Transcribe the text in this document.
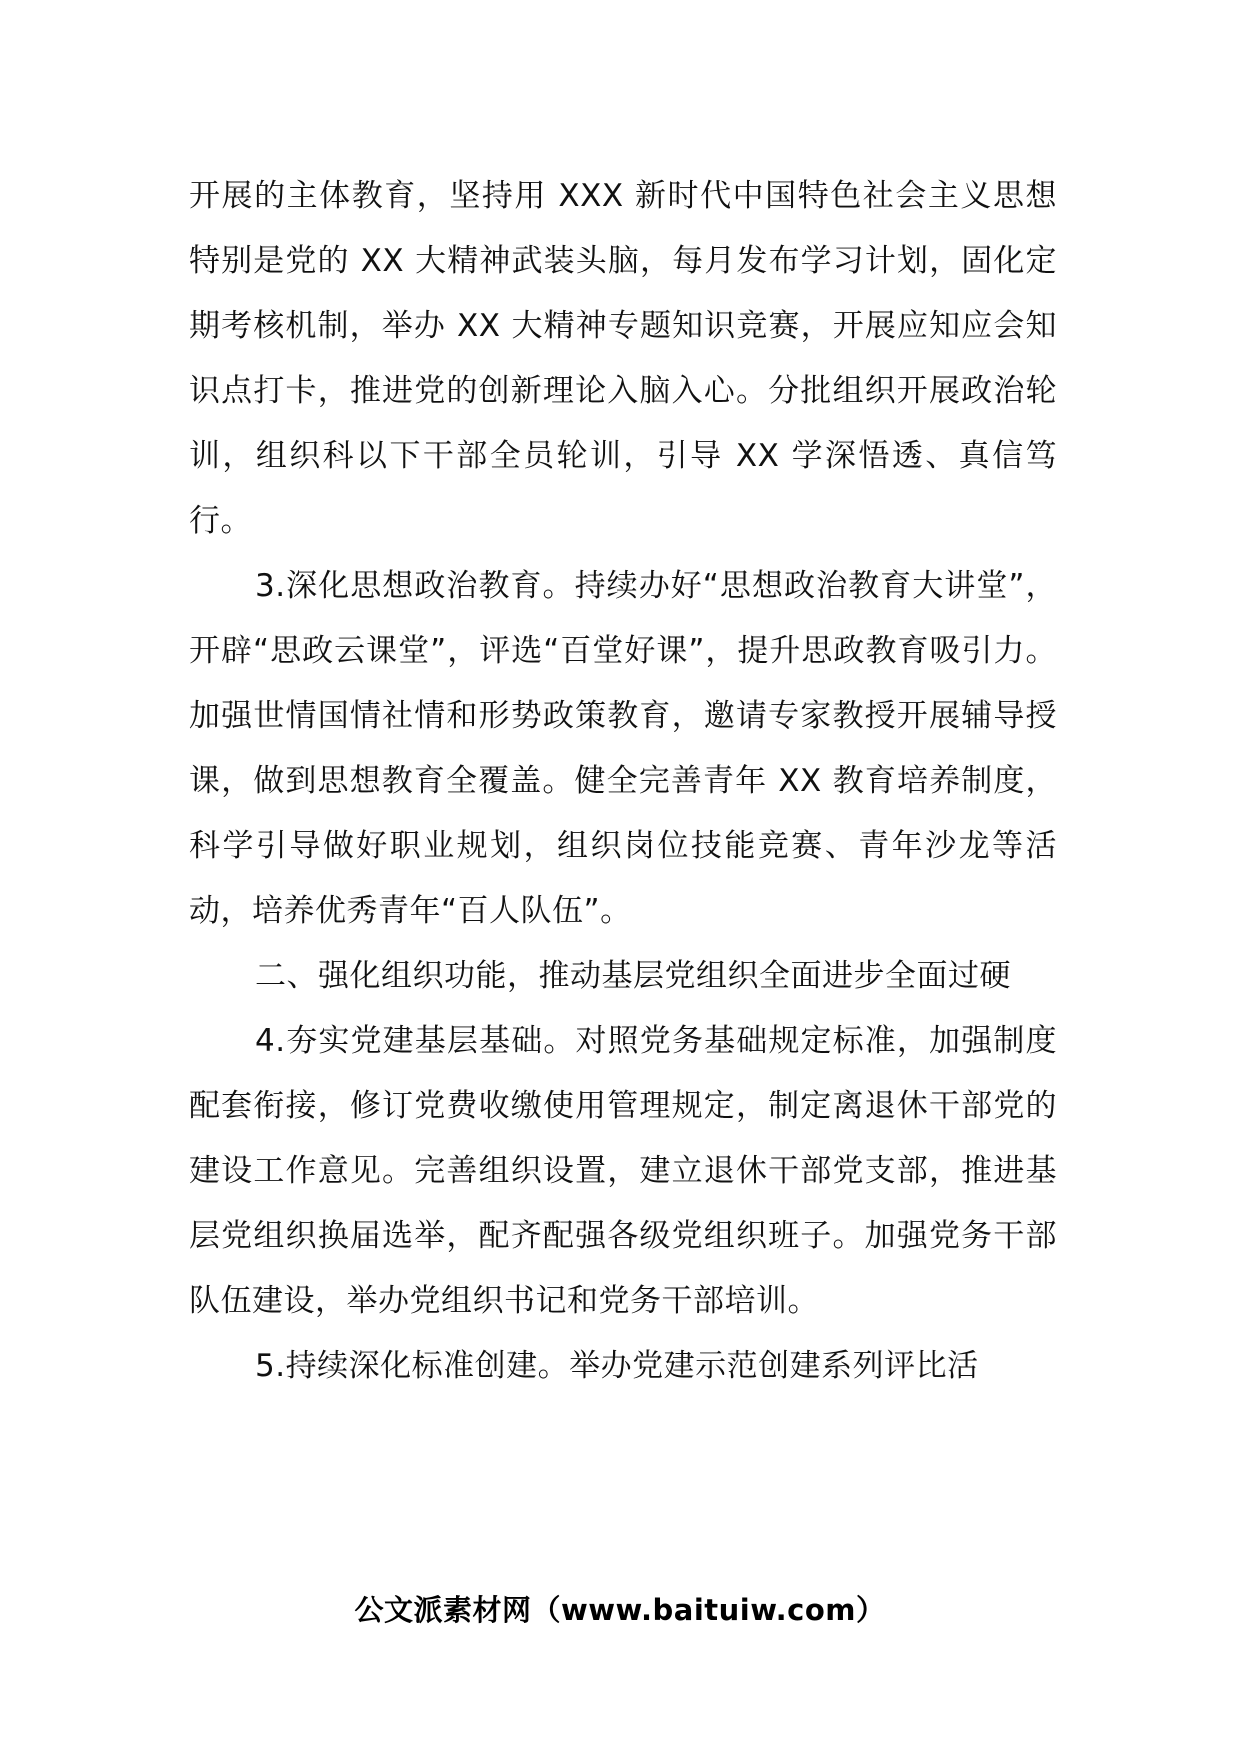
开展的主体教育，坚持用 XXX 新时代中国特色社会主义思想特别是党的 XX 大精神武装头脑，每月发布学习计划，固化定期考核机制，举办 XX 大精神专题知识竞赛，开展应知应会知识点打卡，推进党的创新理论入脑入心。分批组织开展政治轮训，组织科以下干部全员轮训，引导 XX 学深悟透、真信笃行。

3.深化思想政治教育。持续办好“思想政治教育大讲堂”，开辟“思政云课堂”，评选“百堂好课”，提升思政教育吸引力。加强世情国情社情和形势政策教育，邀请专家教授开展辅导授课，做到思想教育全覆盖。健全完善青年 XX 教育培养制度，科学引导做好职业规划，组织岗位技能竞赛、青年沙龙等活动，培养优秀青年“百人队伍”。

二、强化组织功能，推动基层党组织全面进步全面过硬

4.夯实党建基层基础。对照党务基础规定标准，加强制度配套衔接，修订党费收缴使用管理规定，制定离退休干部党的建设工作意见。完善组织设置，建立退休干部党支部，推进基层党组织换届选举，配齐配强各级党组织班子。加强党务干部队伍建设，举办党组织书记和党务干部培训。

5.持续深化标准创建。举办党建示范创建系列评比活

公文派素材网（www.baituiw.com）
